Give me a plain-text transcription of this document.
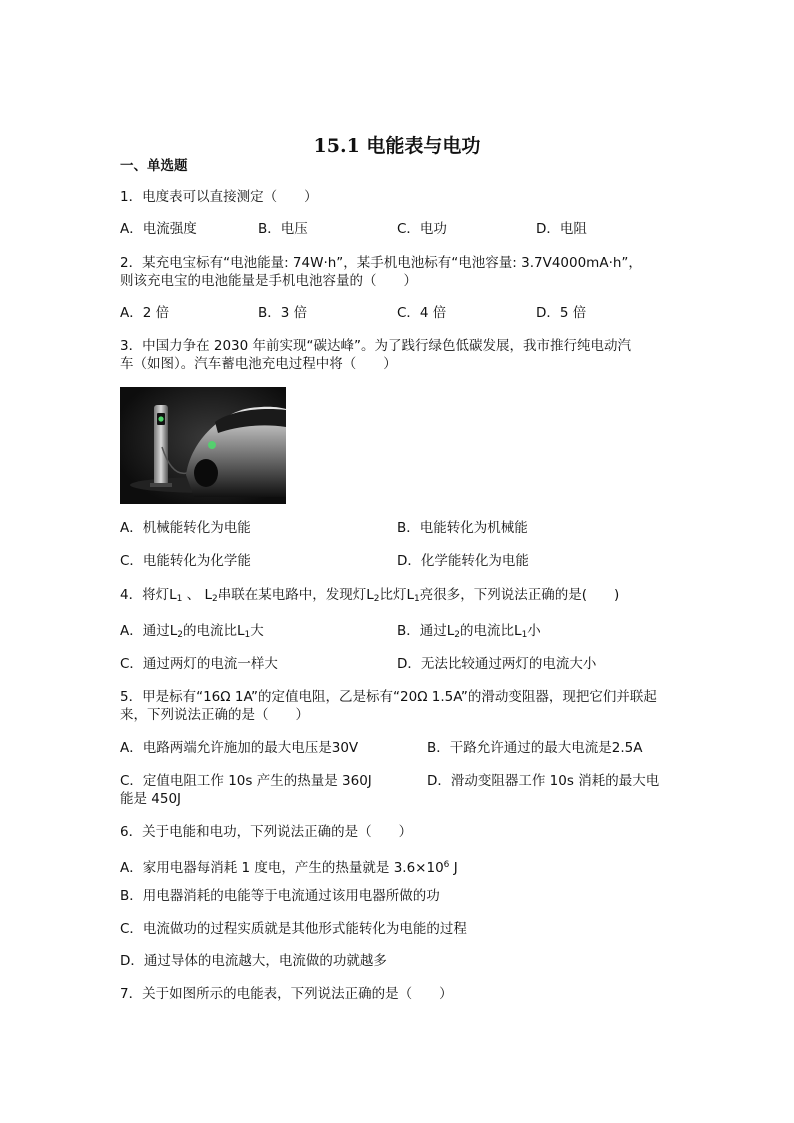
15.1 电能表与电功
一、单选题
1．电度表可以直接测定（　　）
A．电流强度	B．电压	C．电功	D．电阻
2．某充电宝标有“电池能量: 74W·h”，某手机电池标有“电池容量: 3.7V4000mA·h”，
则该充电宝的电池能量是手机电池容量的（　　）
A．2 倍	B．3 倍	C．4 倍	D．5 倍
3．中国力争在 2030 年前实现“碳达峰”。为了践行绿色低碳发展，我市推行纯电动汽
车（如图）。汽车蓄电池充电过程中将（　　）
A．机械能转化为电能	B．电能转化为机械能
C．电能转化为化学能	D．化学能转化为电能
4．将灯$L_1$ 、 $L_2$串联在某电路中，发现灯$L_2$比灯$L_1$亮很多，下列说法正确的是(　　)
A．通过$L_2$的电流比$L_1$大	B．通过$L_2$的电流比$L_1$小
C．通过两灯的电流一样大	D．无法比较通过两灯的电流大小
5．甲是标有“16Ω 1A”的定值电阻，乙是标有“20Ω 1.5A”的滑动变阻器，现把它们并联起
来，下列说法正确的是（　　）
A．电路两端允许施加的最大电压是30V	B．干路允许通过的最大电流是2.5A
C．定值电阻工作 10s 产生的热量是 360J	D．滑动变阻器工作 10s 消耗的最大电
能是 450J
6．关于电能和电功，下列说法正确的是（　　）
A．家用电器每消耗 1 度电，产生的热量就是 $3.6\times 10^6$ J
B．用电器消耗的电能等于电流通过该用电器所做的功
C．电流做功的过程实质就是其他形式能转化为电能的过程
D．通过导体的电流越大，电流做的功就越多
7．关于如图所示的电能表，下列说法正确的是（　　）
